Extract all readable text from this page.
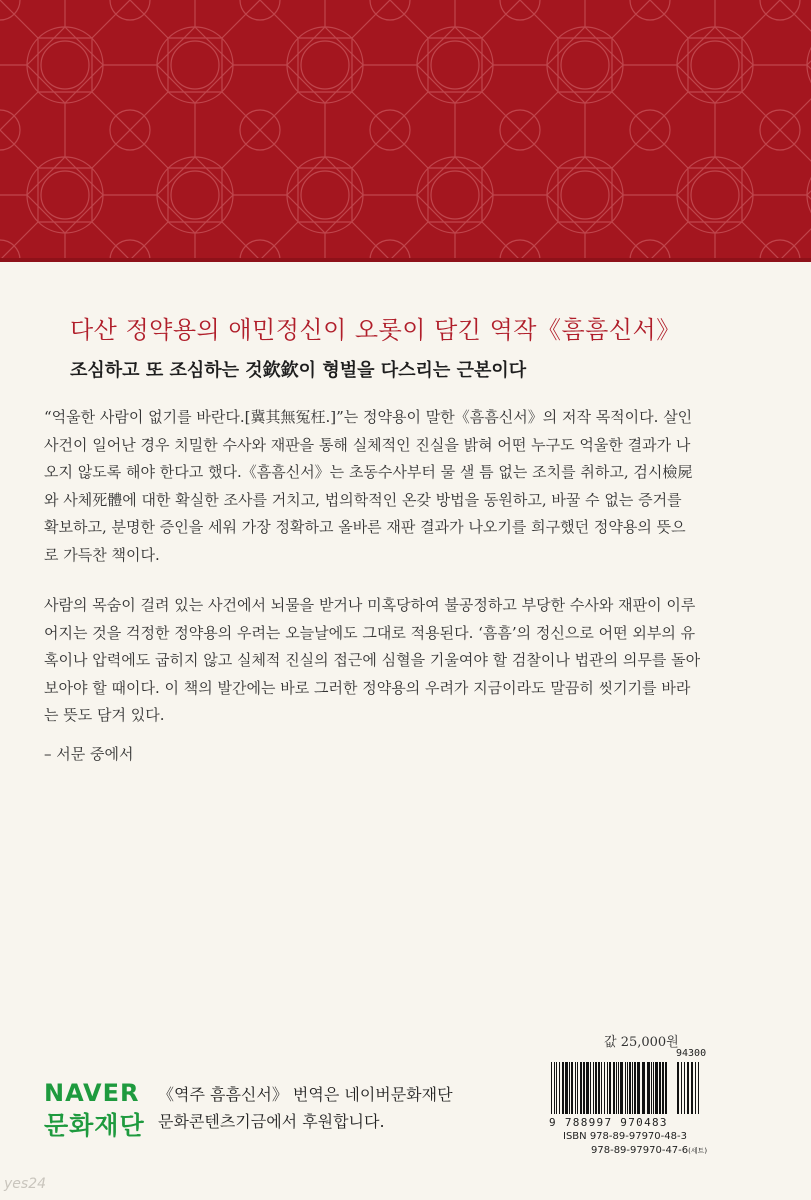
다산 정약용의 애민정신이 오롯이 담긴 역작《흠흠신서》
조심하고 또 조심하는 것欽欽이 형벌을 다스리는 근본이다
“억울한 사람이 없기를 바란다.[冀其無冤枉.]”는 정약용이 말한《흠흠신서》의 저작 목적이다. 살인
사건이 일어난 경우 치밀한 수사와 재판을 통해 실체적인 진실을 밝혀 어떤 누구도 억울한 결과가 나
오지 않도록 해야 한다고 했다.《흠흠신서》는 초동수사부터 물 샐 틈 없는 조치를 취하고, 검시檢屍
와 사체死體에 대한 확실한 조사를 거치고, 법의학적인 온갖 방법을 동원하고, 바꿀 수 없는 증거를
확보하고, 분명한 증인을 세워 가장 정확하고 올바른 재판 결과가 나오기를 희구했던 정약용의 뜻으
로 가득찬 책이다.
사람의 목숨이 걸려 있는 사건에서 뇌물을 받거나 미혹당하여 불공정하고 부당한 수사와 재판이 이루
어지는 것을 걱정한 정약용의 우려는 오늘날에도 그대로 적용된다. ‘흠흠’의 정신으로 어떤 외부의 유
혹이나 압력에도 굽히지 않고 실체적 진실의 접근에 심혈을 기울여야 할 검찰이나 법관의 의무를 돌아
보아야 할 때이다. 이 책의 발간에는 바로 그러한 정약용의 우려가 지금이라도 말끔히 씻기기를 바라
는 뜻도 담겨 있다.
– 서문 중에서
NAVER
문화재단
《역주 흠흠신서》 번역은 네이버문화재단
문화콘텐츠기금에서 후원합니다.
값 25,000원
94300
9 788997 970483
ISBN 978-89-97970-48-3
978-89-97970-47-6(세트)
yes24
